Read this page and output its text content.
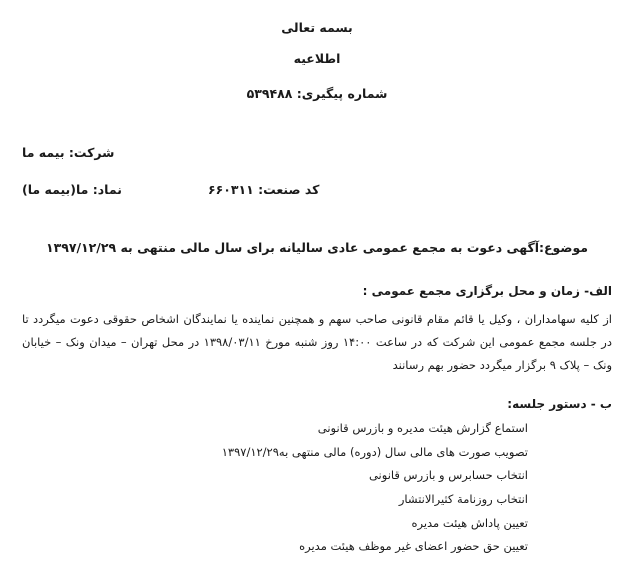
بسمه تعالی
اطلاعیه
شماره پیگیری: ۵۳۹۴۸۸
شرکت: بیمه ما
نماد: ما(بیمه ما)	کد صنعت: ۶۶۰۳۱۱
موضوع:آگهی دعوت به مجمع عمومی عادی سالیانه برای سال مالی منتهی به ۱۳۹۷/۱۲/۲۹
الف- زمان و محل برگزاری مجمع عمومی :

از کلیه سهامداران ، وکیل یا قائم مقام قانونی صاحب سهم و همچنین نماینده یا نمایندگان اشخاص حقوقی دعوت میگردد تا در جلسه مجمع عمومی این شرکت که در ساعت ۱۴:۰۰ روز شنبه مورخ ۱۳۹۸/۰۳/۱۱ در محل تهران – میدان ونک – خیابان ونک – پلاک ۹ برگزار میگردد حضور بهم رسانند

ب - دستور جلسه:
استماع گزارش هیئت مدیره و بازرس قانونی
تصویب صورت های مالی سال (دوره) مالی منتهی به۱۳۹۷/۱۲/۲۹
انتخاب حسابرس و بازرس قانونی
انتخاب روزنامة کثیرالانتشار
تعیین پاداش هیئت مدیره
تعیین حق حضور اعضای غیر موظف هیئت مدیره
